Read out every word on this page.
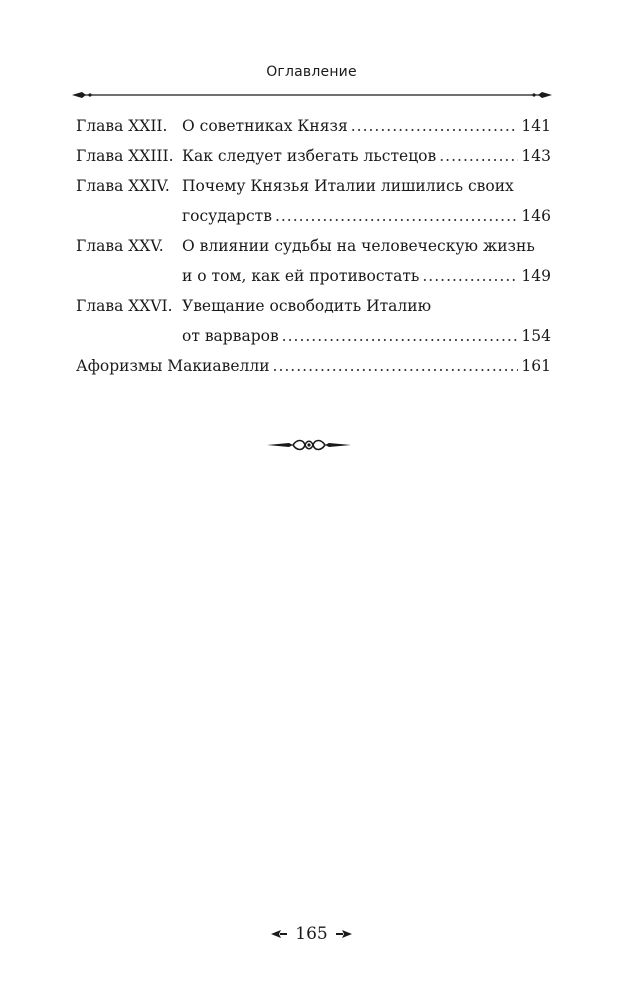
Оглавление
Глава XXII. О советниках Князя .....	141
Глава XXIII. Как следует избегать льстецов .....	143
Глава XXIV. Почему Князья Италии лишились своих
государств .....	146
Глава XXV. О влиянии судьбы на человеческую жизнь
и о том, как ей противостать .....	149
Глава XXVI. Увещание освободить Италию
от варваров .....	154
Афоризмы Макиавелли .....	161
165
